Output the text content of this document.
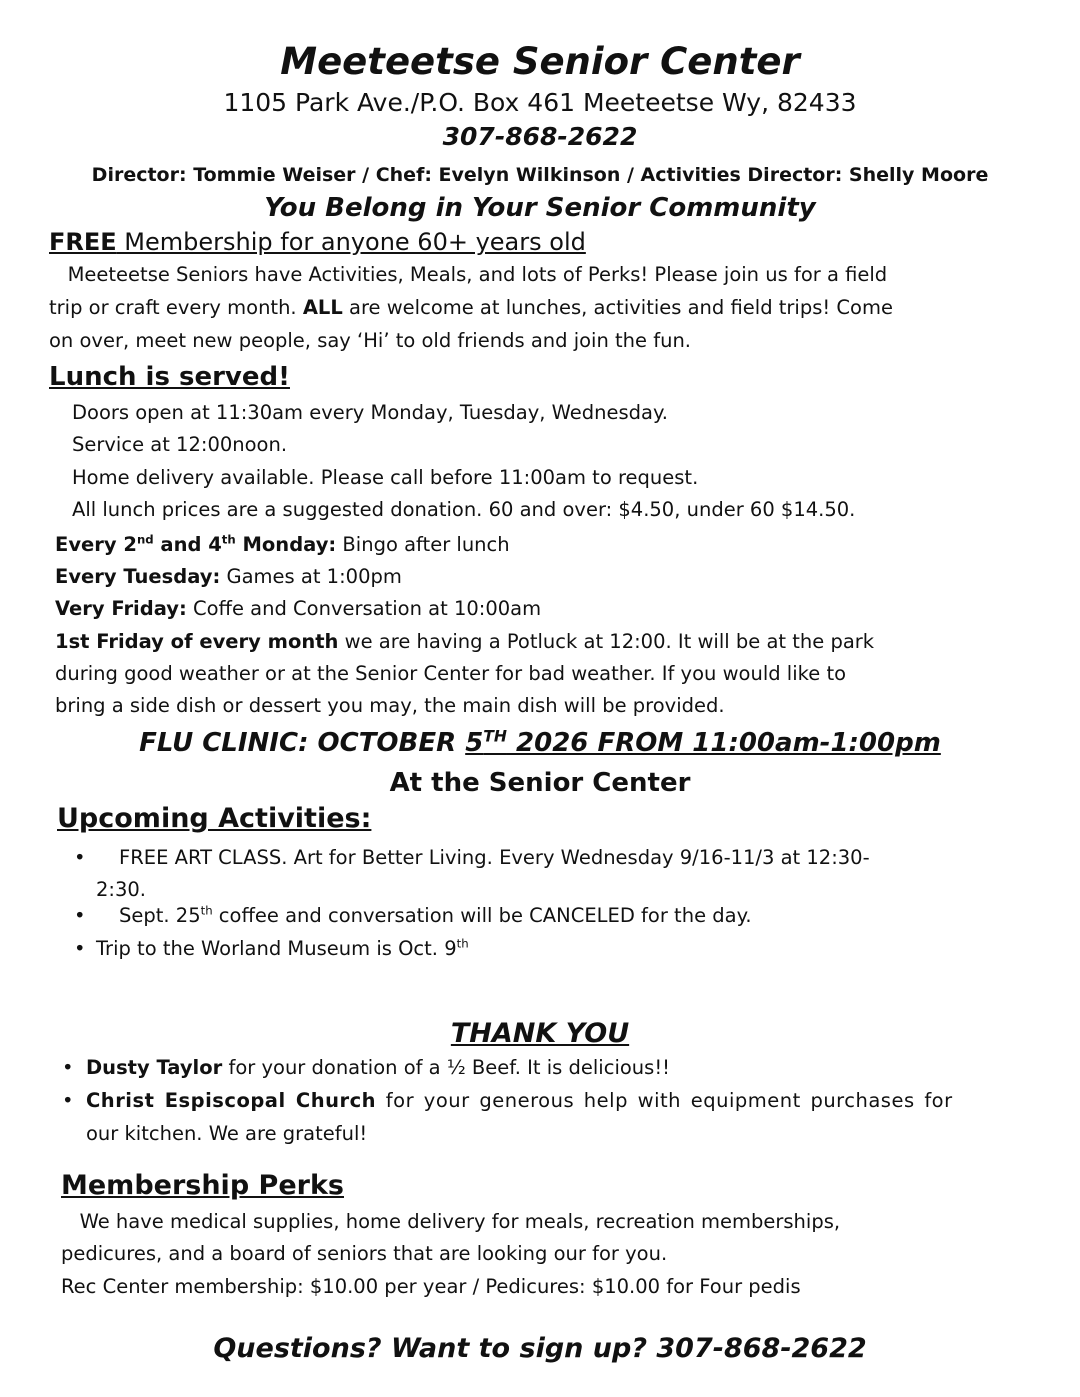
Meeteetse Senior Center
1105 Park Ave./P.O. Box 461 Meeteetse Wy, 82433
307-868-2622
Director: Tommie Weiser / Chef: Evelyn Wilkinson / Activities Director: Shelly Moore
You Belong in Your Senior Community
FREE Membership for anyone 60+ years old
Meeteetse Seniors have Activities, Meals, and lots of Perks! Please join us for a field
trip or craft every month. ALL are welcome at lunches, activities and field trips! Come
on over, meet new people, say ‘Hi’ to old friends and join the fun.
Lunch is served!
Doors open at 11:30am every Monday, Tuesday, Wednesday.
Service at 12:00noon.
Home delivery available. Please call before 11:00am to request.
All lunch prices are a suggested donation. 60 and over: $4.50, under 60 $14.50.
Every 2nd and 4th Monday: Bingo after lunch
Every Tuesday: Games at 1:00pm
Very Friday: Coffe and Conversation at 10:00am
1st Friday of every month we are having a Potluck at 12:00. It will be at the park
during good weather or at the Senior Center for bad weather. If you would like to
bring a side dish or dessert you may, the main dish will be provided.
FLU CLINIC: OCTOBER 5TH 2026 FROM 11:00am-1:00pm
At the Senior Center
Upcoming Activities:
• FREE ART CLASS. Art for Better Living. Every Wednesday 9/16-11/3 at 12:30-
2:30.
• Sept. 25th coffee and conversation will be CANCELED for the day.
• Trip to the Worland Museum is Oct. 9th
THANK YOU
• Dusty Taylor for your donation of a ½ Beef. It is delicious!!
• Christ Espiscopal Church for your generous help with equipment purchases for
our kitchen. We are grateful!
Membership Perks
We have medical supplies, home delivery for meals, recreation memberships,
pedicures, and a board of seniors that are looking our for you.
Rec Center membership: $10.00 per year / Pedicures: $10.00 for Four pedis
Questions? Want to sign up? 307-868-2622
